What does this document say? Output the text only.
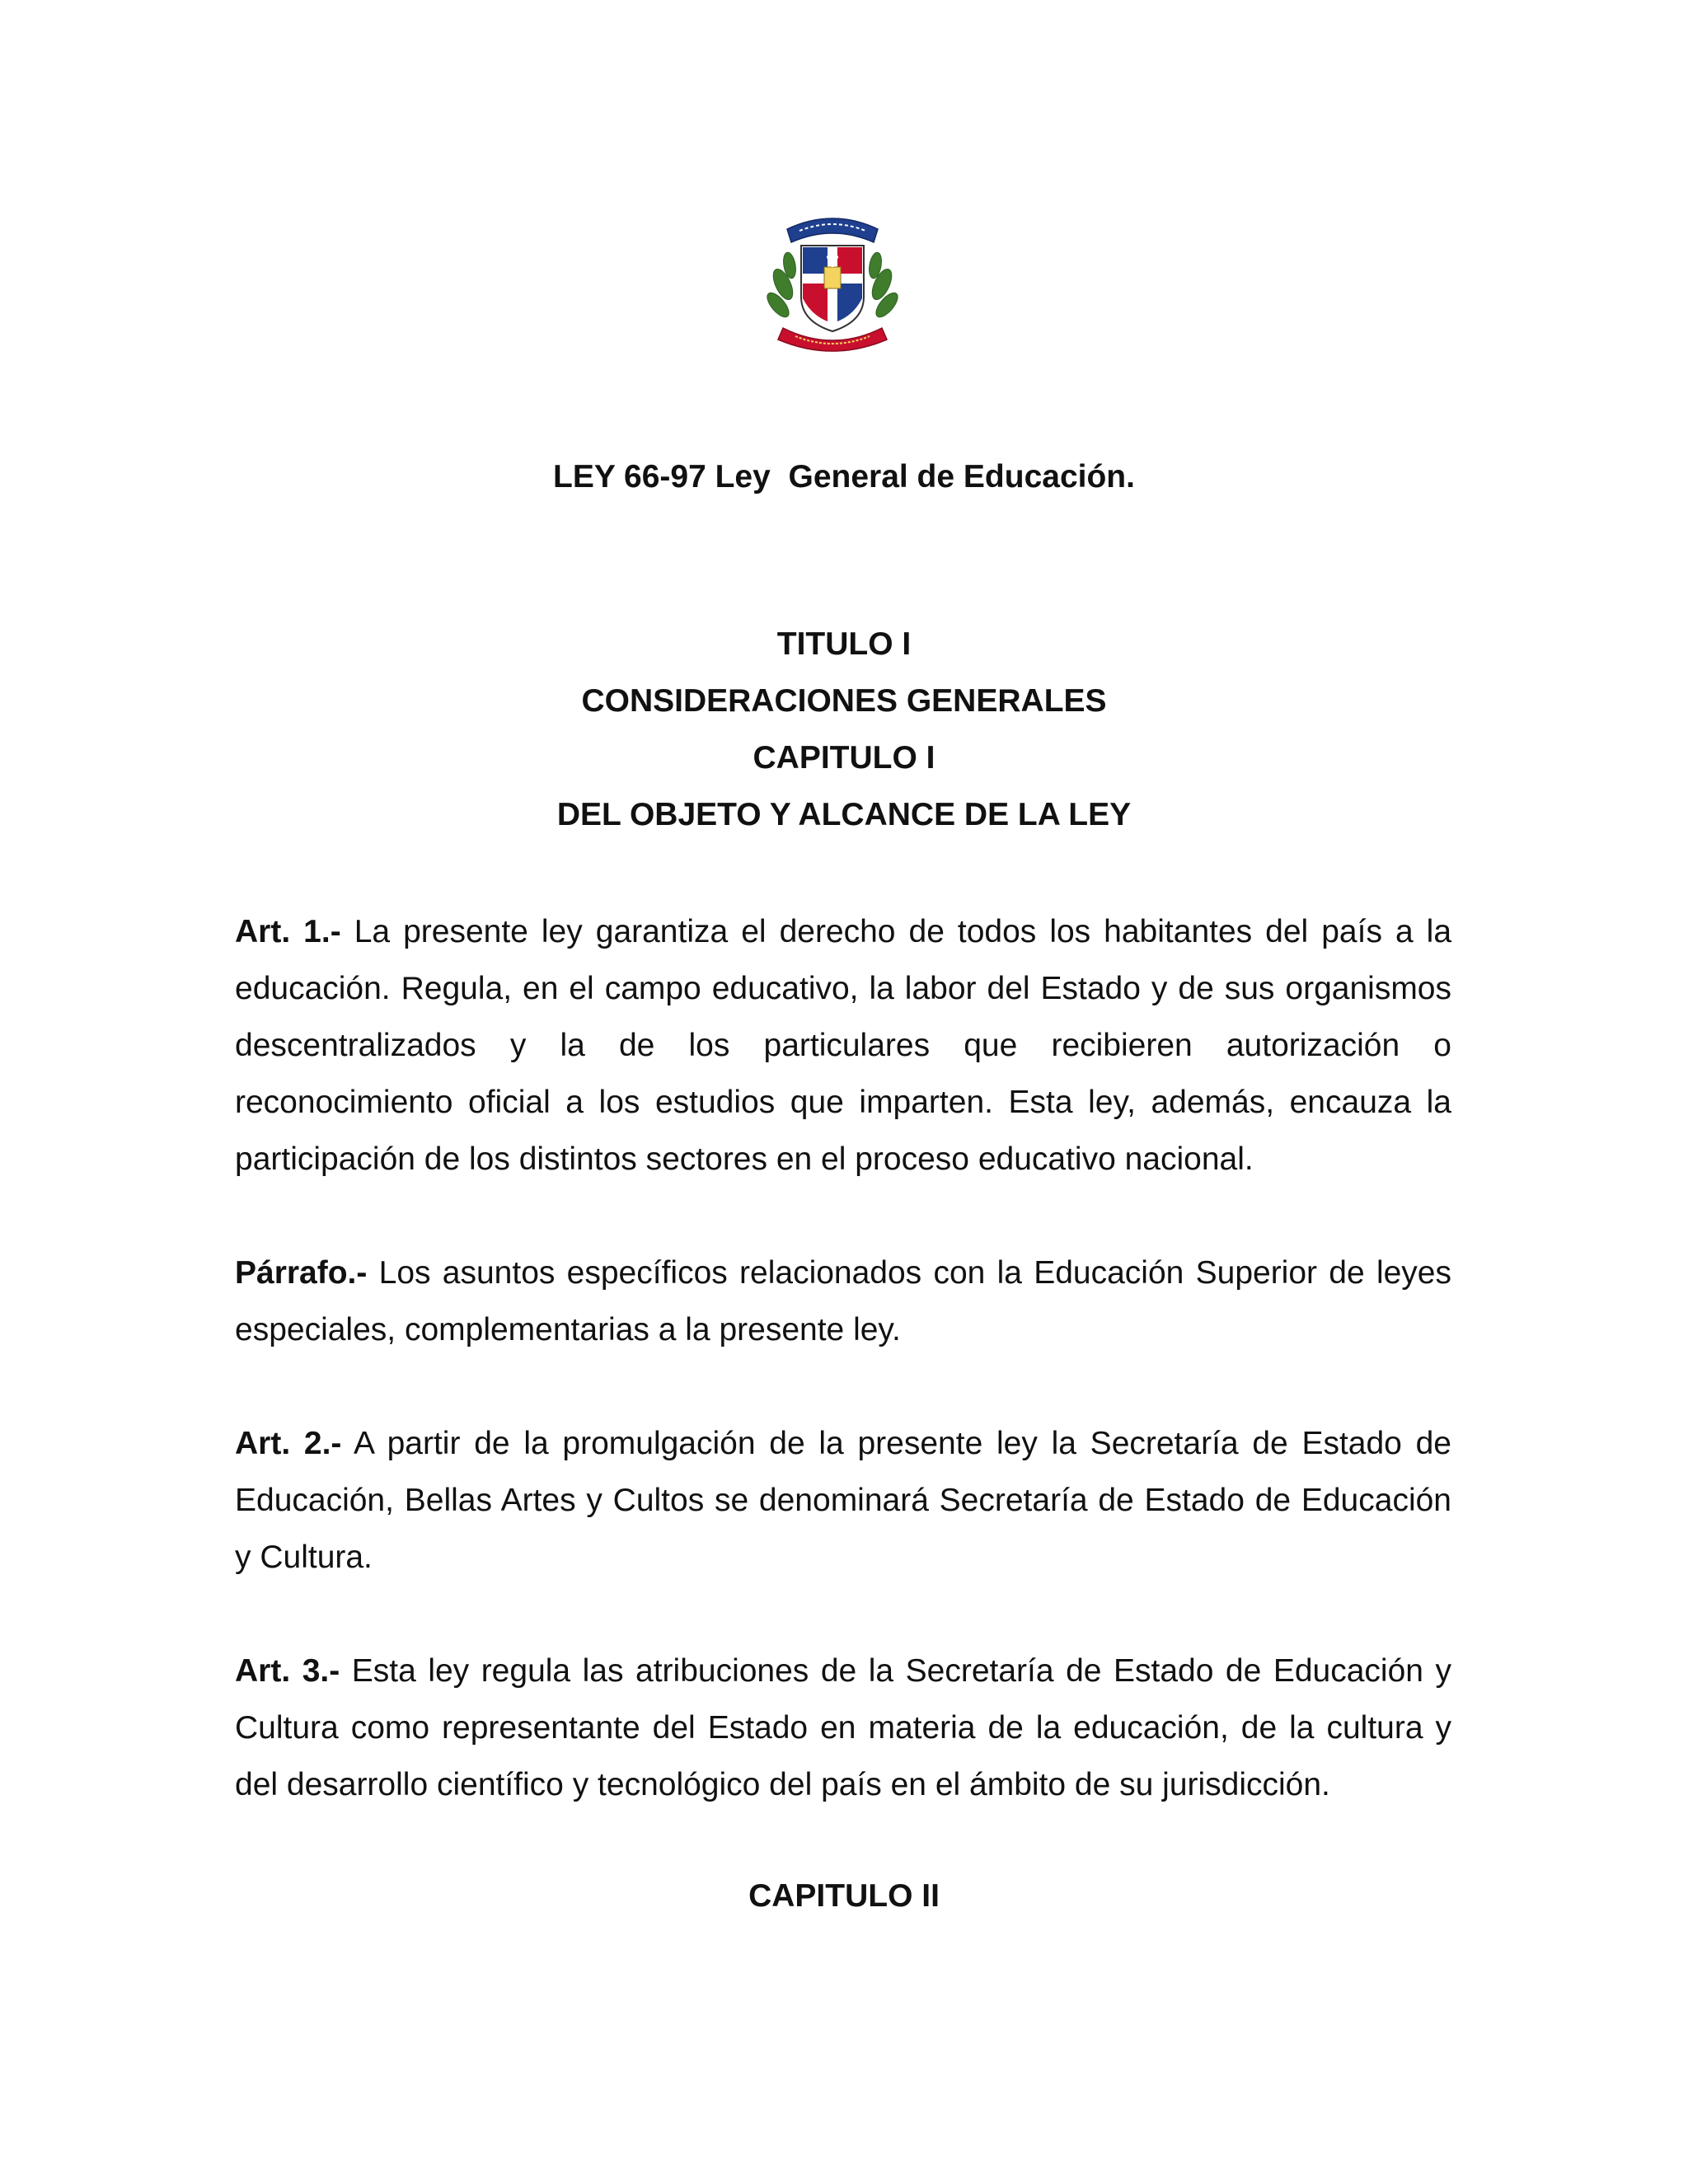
LEY 66-97 Ley  General de Educación.
TITULO I
CONSIDERACIONES GENERALES
CAPITULO I
DEL OBJETO Y ALCANCE DE LA LEY

Art. 1.- La presente ley garantiza el derecho de todos los habitantes del país a la educación. Regula, en el campo educativo, la labor del Estado y de sus organismos descentralizados y la de los particulares que recibieren autorización o reconocimiento oficial a los estudios que imparten. Esta ley, además, encauza la participación de los distintos sectores en el proceso educativo nacional.

Párrafo.- Los asuntos específicos relacionados con la Educación Superior de leyes especiales, complementarias a la presente ley.

Art. 2.- A partir de la promulgación de la presente ley la Secretaría de Estado de Educación, Bellas Artes y Cultos se denominará Secretaría de Estado de Educación y Cultura.

Art. 3.- Esta ley regula las atribuciones de la Secretaría de Estado de Educación y Cultura como representante del Estado en materia de la educación, de la cultura y del desarrollo científico y tecnológico del país en el ámbito de su jurisdicción.

CAPITULO II
